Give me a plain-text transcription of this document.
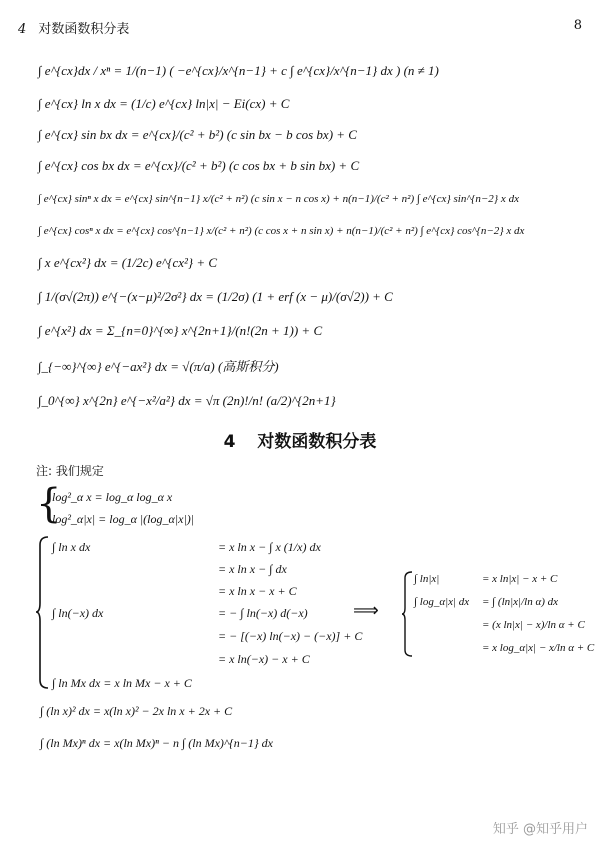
4 对数函数积分表	8
∫ e^{cx}dx / xⁿ = 1/(n−1) ( −e^{cx}/x^{n−1} + c ∫ e^{cx}/x^{n−1} dx ) (n ≠ 1)
∫ e^{cx} ln x dx = (1/c) e^{cx} ln|x| − Ei(cx) + C
∫ e^{cx} sin bx dx = e^{cx}/(c² + b²) (c sin bx − b cos bx) + C
∫ e^{cx} cos bx dx = e^{cx}/(c² + b²) (c cos bx + b sin bx) + C
∫ e^{cx} sinⁿ x dx = e^{cx} sin^{n−1} x/(c² + n²) (c sin x − n cos x) + n(n−1)/(c² + n²) ∫ e^{cx} sin^{n−2} x dx
∫ e^{cx} cosⁿ x dx = e^{cx} cos^{n−1} x/(c² + n²) (c cos x + n sin x) + n(n−1)/(c² + n²) ∫ e^{cx} cos^{n−2} x dx
∫ x e^{cx²} dx = (1/2c) e^{cx²} + C
∫ 1/(σ√(2π)) e^{−(x−μ)²/2σ²} dx = (1/2σ) (1 + erf (x − μ)/(σ√2)) + C
∫ e^{x²} dx = Σ_{n=0}^{∞} x^{2n+1}/(n!(2n + 1)) + C
∫_{−∞}^{∞} e^{−ax²} dx = √(π/a) (高斯积分)
∫_0^{∞} x^{2n} e^{−x²/a²} dx = √π (2n)!/n! (a/2)^{2n+1}
4 对数函数积分表
注: 我们规定
{
log²_α x = log_α log_α x
log²_α|x| = log_α |(log_α|x|)|
∫ ln x dx
∫ ln(−x) dx
∫ ln Mx dx = x ln Mx − x + C
= x ln x − ∫ x (1/x) dx
= x ln x − ∫ dx
= x ln x − x + C
= − ∫ ln(−x) d(−x)
= − [(−x) ln(−x) − (−x)] + C
= x ln(−x) − x + C
⟹
∫ ln|x|	= x ln|x| − x + C
∫ log_α|x| dx = ∫ (ln|x|/ln α) dx
= (x ln|x| − x)/ln α + C
= x log_α|x| − x/ln α + C
∫ (ln x)² dx = x(ln x)² − 2x ln x + 2x + C
∫ (ln Mx)ⁿ dx = x(ln Mx)ⁿ − n ∫ (ln Mx)^{n−1} dx
知乎 @知乎用户
